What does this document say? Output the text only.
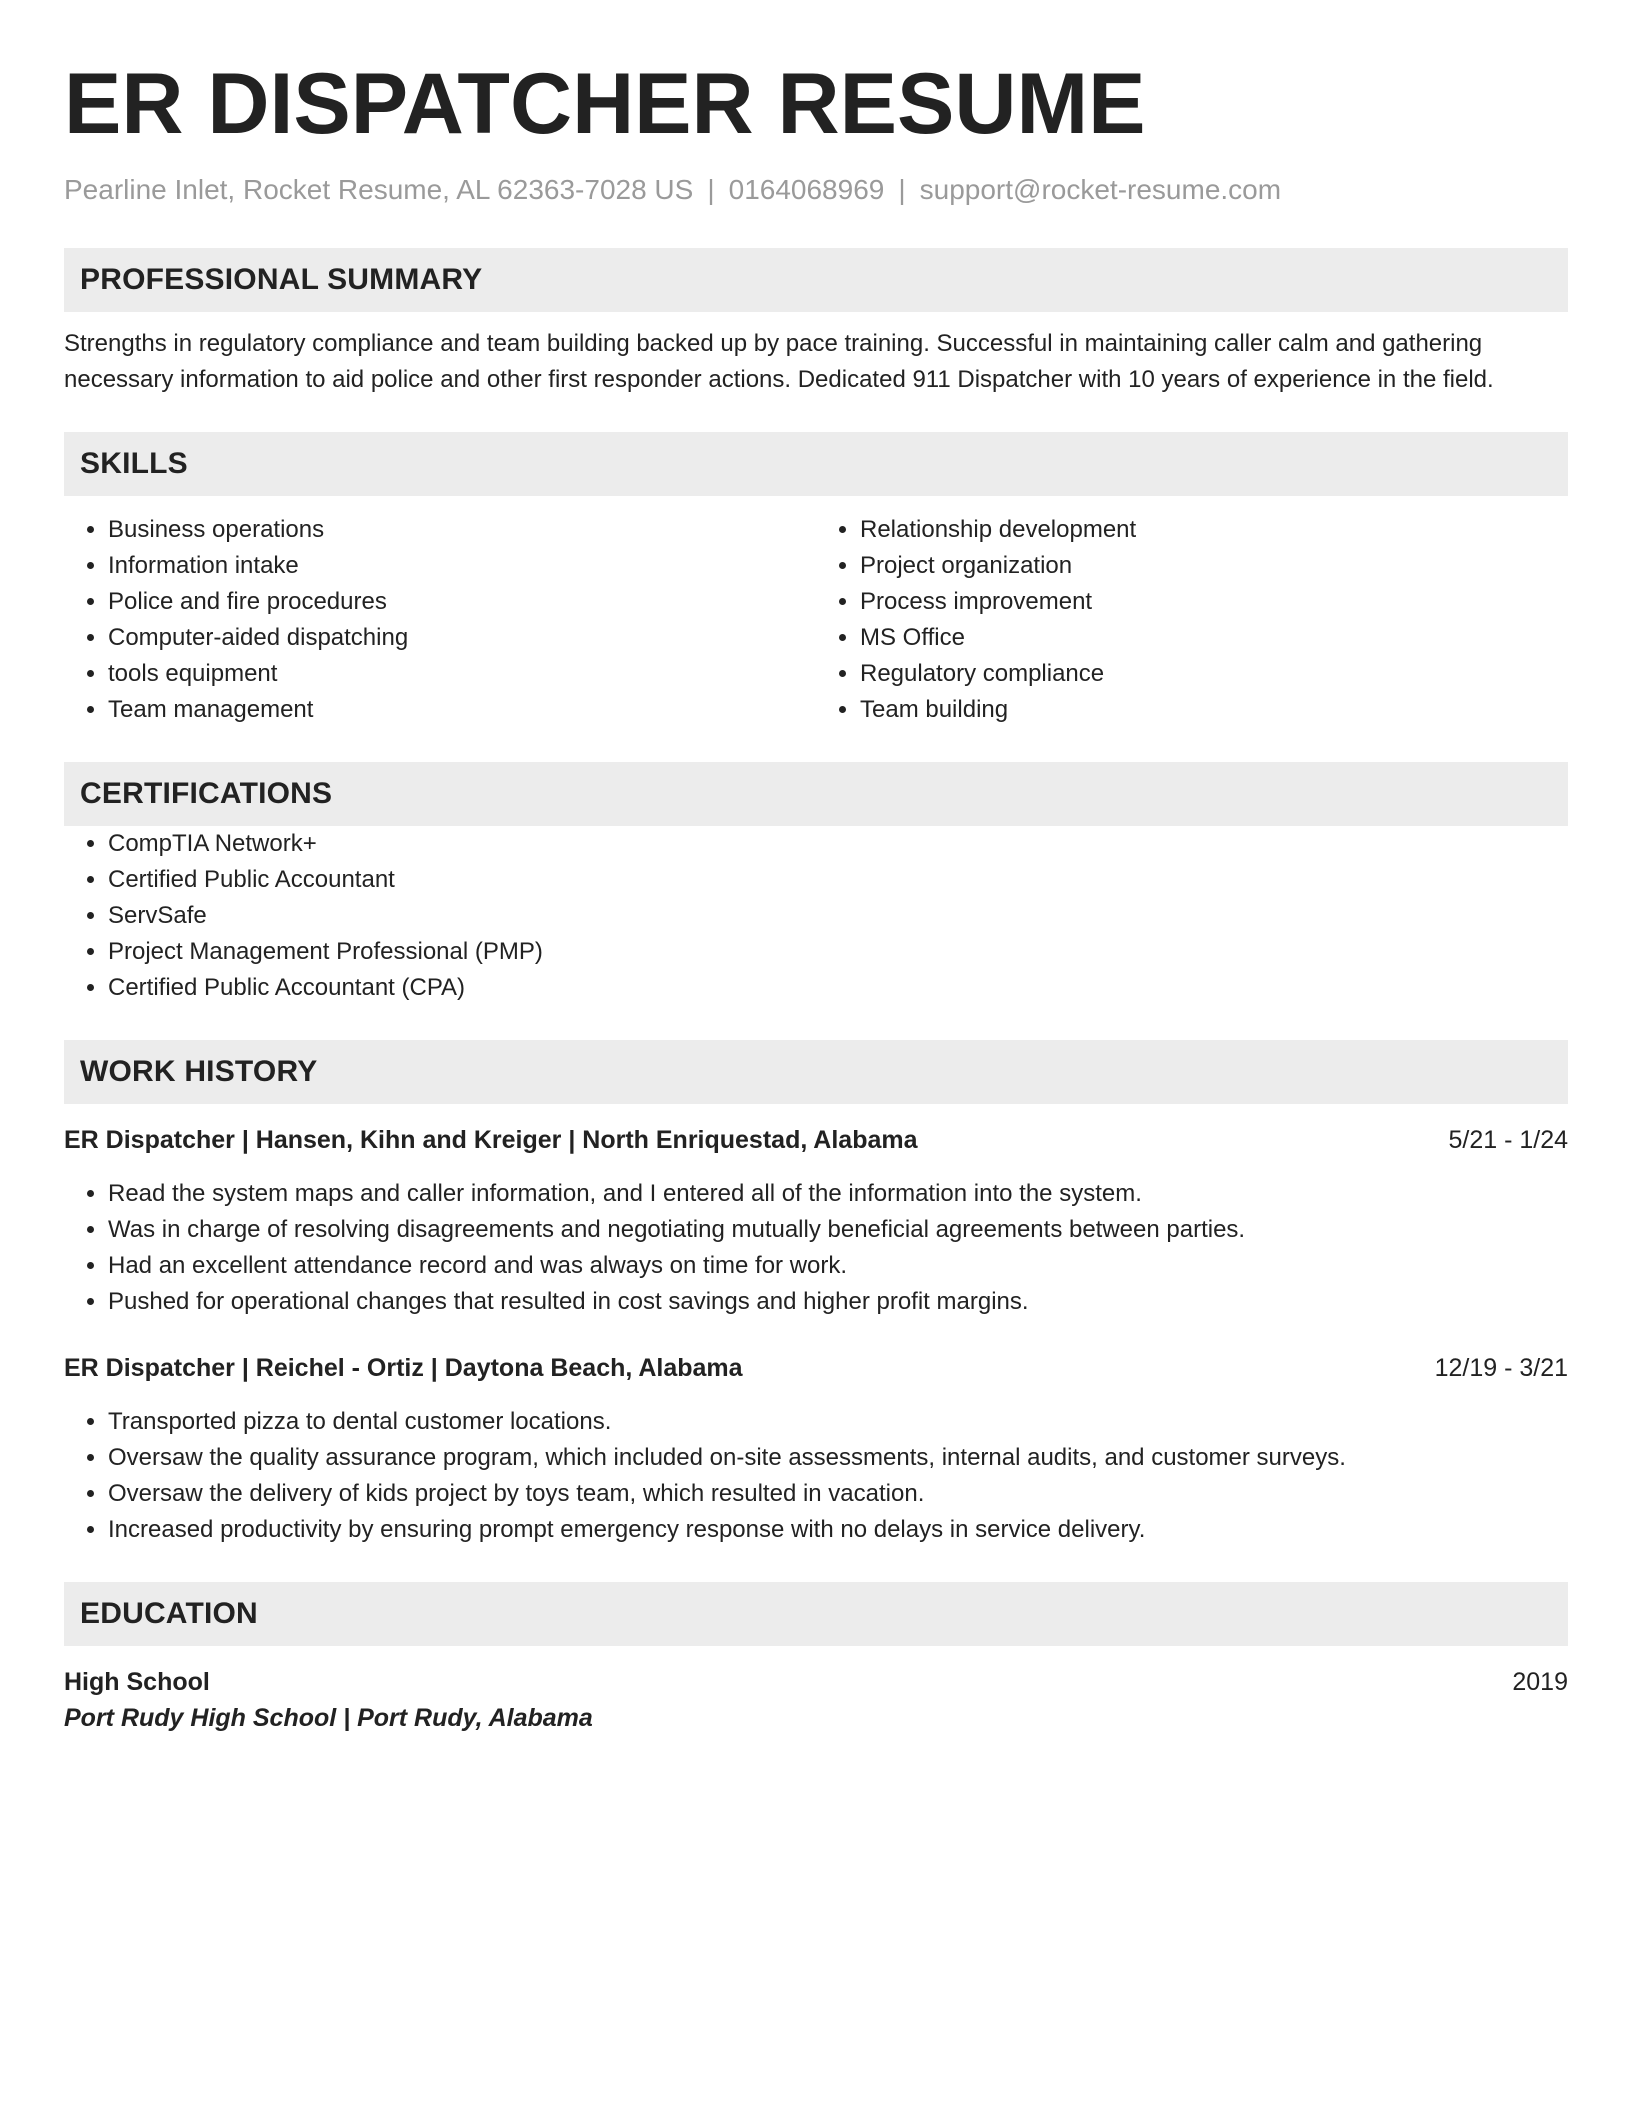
ER DISPATCHER RESUME
Pearline Inlet, Rocket Resume, AL 62363-7028 US | 0164068969 | support@rocket-resume.com
PROFESSIONAL SUMMARY
Strengths in regulatory compliance and team building backed up by pace training. Successful in maintaining caller calm and gathering necessary information to aid police and other first responder actions. Dedicated 911 Dispatcher with 10 years of experience in the field.
SKILLS
• Business operations
• Information intake
• Police and fire procedures
• Computer-aided dispatching
• tools equipment
• Team management
• Relationship development
• Project organization
• Process improvement
• MS Office
• Regulatory compliance
• Team building
CERTIFICATIONS
• CompTIA Network+
• Certified Public Accountant
• ServSafe
• Project Management Professional (PMP)
• Certified Public Accountant (CPA)
WORK HISTORY
ER Dispatcher | Hansen, Kihn and Kreiger | North Enriquestad, Alabama	5/21 - 1/24
• Read the system maps and caller information, and I entered all of the information into the system.
• Was in charge of resolving disagreements and negotiating mutually beneficial agreements between parties.
• Had an excellent attendance record and was always on time for work.
• Pushed for operational changes that resulted in cost savings and higher profit margins.
ER Dispatcher | Reichel - Ortiz | Daytona Beach, Alabama	12/19 - 3/21
• Transported pizza to dental customer locations.
• Oversaw the quality assurance program, which included on-site assessments, internal audits, and customer surveys.
• Oversaw the delivery of kids project by toys team, which resulted in vacation.
• Increased productivity by ensuring prompt emergency response with no delays in service delivery.
EDUCATION
High School	2019
Port Rudy High School | Port Rudy, Alabama
